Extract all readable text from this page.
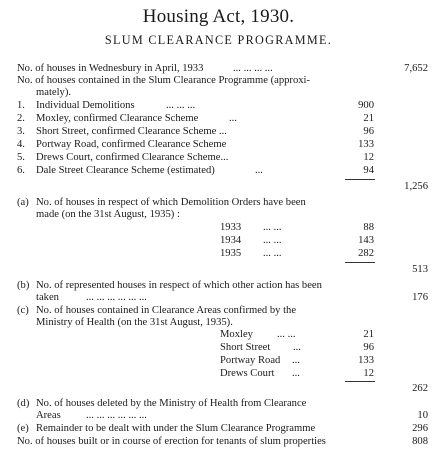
Housing Act, 1930.
SLUM CLEARANCE PROGRAMME.
No. of houses in Wednesbury in April, 1933	... ... ... ...	7,652
No. of houses contained in the Slum Clearance Programme (approxi-
mately).
1. Individual Demolitions	... ... ...	900
2. Moxley, confirmed Clearance Scheme	...	21
3. Short Street, confirmed Clearance Scheme ...	96
4. Portway Road, confirmed Clearance Scheme	133
5. Drews Court, confirmed Clearance Scheme...	12
6. Dale Street Clearance Scheme (estimated)	...	94
1,256
(a) No. of houses in respect of which Demolition Orders have been
made (on the 31st August, 1935) :
1933 ... ...	88
1934 ... ...	143
1935 ... ...	282
513
(b) No. of represented houses in respect of which other action has been
taken	... ... ... ... ... ...	176
(c) No. of houses contained in Clearance Areas confirmed by the
Ministry of Health (on the 31st August, 1935).
Moxley ... ...	21
Short Street ...	96
Portway Road ...	133
Drews Court ...	12
262
(d) No. of houses deleted by the Ministry of Health from Clearance
Areas ... ... ... ... ... ...	10
(e) Remainder to be dealt with under the Slum Clearance Programme	296
No. of houses built or in course of erection for tenants of slum properties	808
